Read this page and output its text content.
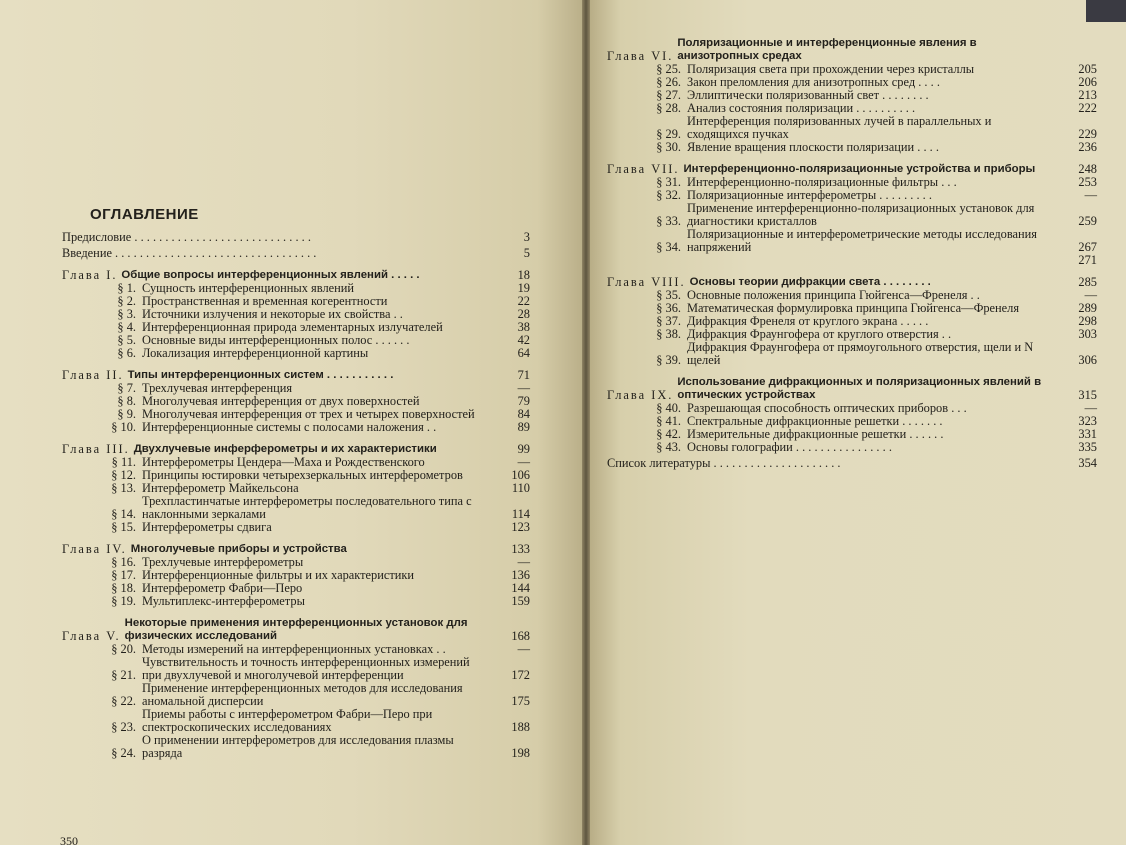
ОГЛАВЛЕНИЕ
350
Предисловие . . . . . . . . . . . . . . . . . . . . . . . . . . . . .	3
Введение . . . . . . . . . . . . . . . . . . . . . . . . . . . . . . . . .	5
Глава I. Общие вопросы интерференционных явлений . . . . .	18
§ 1. Сущность интерференционных явлений	19
§ 2. Пространственная и временная когерентности	22
§ 3. Источники излучения и некоторые их свойства . .	28
§ 4. Интерференционная природа элементарных излучателей	38
§ 5. Основные виды интерференционных полос . . . . . .	42
§ 6. Локализация интерференционной картины	64
Глава II. Типы интерференционных систем . . . . . . . . . . .	71
§ 7. Трехлучевая интерференция	—
§ 8. Многолучевая интерференция от двух поверхностей	79
§ 9. Многолучевая интерференция от трех и четырех поверхностей	84
§ 10. Интерференционные системы с полосами наложения . .	89
Глава III. Двухлучевые инферферометры и их характеристики	99
§ 11. Интерферометры Цендера—Маха и Рождественского	—
§ 12. Принципы юстировки четырехзеркальных интерферометров	106
§ 13. Интерферометр Майкельсона	110
§ 14.
Трехпластинчатые интерферометры последовательного типа с наклонными зеркалами	114
§ 15. Интерферометры сдвига	123
Глава IV. Многолучевые приборы и устройства	133
§ 16. Трехлучевые интерферометры	—
§ 17. Интерференционные фильтры и их характеристики	136
§ 18. Интерферометр Фабри—Перо	144
§ 19. Мультиплекс-интерферометры	159
Глава V.
Некоторые применения интерференционных установок для физических исследований	168
§ 20. Методы измерений на интерференционных установках . .	—
§ 21.
Чувствительность и точность интерференционных измерений при двухлучевой и многолучевой интерференции	172
§ 22.
Применение интерференционных методов для исследования аномальной дисперсии	175
§ 23.
Приемы работы с интерферометром Фабри—Перо при спектроскопических исследованиях	188
§ 24.
О применении интерферометров для исследования плазмы разряда	198
Глава VI.
Поляризационные и интерференционные явления в анизотропных средах
§ 25. Поляризация света при прохождении через кристаллы	205
§ 26. Закон преломления для анизотропных сред . . . .	206
§ 27. Эллиптически поляризованный свет . . . . . . . .	213
§ 28. Анализ состояния поляризации . . . . . . . . . .	222
§ 29.
Интерференция поляризованных лучей в параллельных и сходящихся пучках	229
§ 30. Явление вращения плоскости поляризации . . . .	236
Глава VII. Интерференционно-поляризационные устройства и приборы	248
§ 31. Интерференционно-поляризационные фильтры . . .	253
§ 32. Поляризационные интерферометры . . . . . . . . .	—
§ 33.
Применение интерференционно-поляризационных установок для диагностики кристаллов	259
§ 34.
Поляризационные и интерферометрические методы исследования напряжений	267
271
Глава VIII. Основы теории дифракции света . . . . . . . .	285
§ 35. Основные положения принципа Гюйгенса—Френеля . .	—
§ 36. Математическая формулировка принципа Гюйгенса—Френеля	289
§ 37. Дифракция Френеля от круглого экрана . . . . .	298
§ 38. Дифракция Фраунгофера от круглого отверстия . .	303
§ 39.
Дифракция Фраунгофера от прямоугольного отверстия, щели и N щелей	306
Глава IX.
Использование дифракционных и поляризационных явлений в оптических устройствах	315
§ 40. Разрешающая способность оптических приборов . . .	—
§ 41. Спектральные дифракционные решетки . . . . . . .	323
§ 42. Измерительные дифракционные решетки . . . . . .	331
§ 43. Основы голографии . . . . . . . . . . . . . . . .	335
Список литературы . . . . . . . . . . . . . . . . . . . . .	354
